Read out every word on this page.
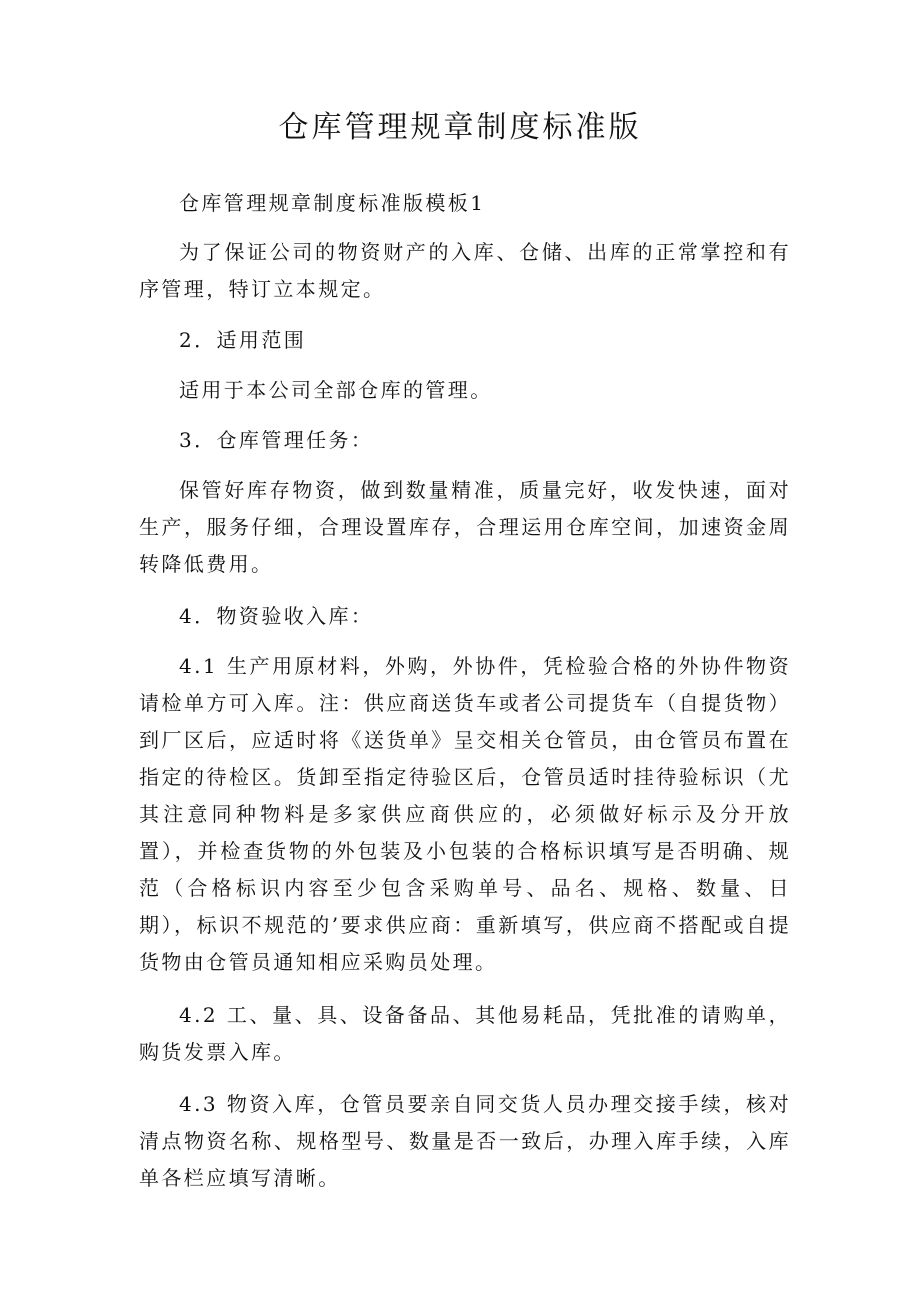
仓库管理规章制度标准版

仓库管理规章制度标准版模板1

为了保证公司的物资财产的入库、仓储、出库的正常掌控和有序管理，特订立本规定。

2．适用范围

适用于本公司全部仓库的管理。

3．仓库管理任务：

保管好库存物资，做到数量精准，质量完好，收发快速，面对生产，服务仔细，合理设置库存，合理运用仓库空间，加速资金周转降低费用。

4．物资验收入库：

4.1 生产用原材料，外购，外协件，凭检验合格的外协件物资请检单方可入库。注：供应商送货车或者公司提货车（自提货物）到厂区后，应适时将《送货单》呈交相关仓管员，由仓管员布置在指定的待检区。货卸至指定待验区后，仓管员适时挂待验标识（尤其注意同种物料是多家供应商供应的，必须做好标示及分开放置），并检查货物的外包装及小包装的合格标识填写是否明确、规范（合格标识内容至少包含采购单号、品名、规格、数量、日期），标识不规范的’要求供应商：重新填写，供应商不搭配或自提货物由仓管员通知相应采购员处理。

4.2 工、量、具、设备备品、其他易耗品，凭批准的请购单，购货发票入库。

4.3 物资入库，仓管员要亲自同交货人员办理交接手续，核对清点物资名称、规格型号、数量是否一致后，办理入库手续，入库单各栏应填写清晰。
